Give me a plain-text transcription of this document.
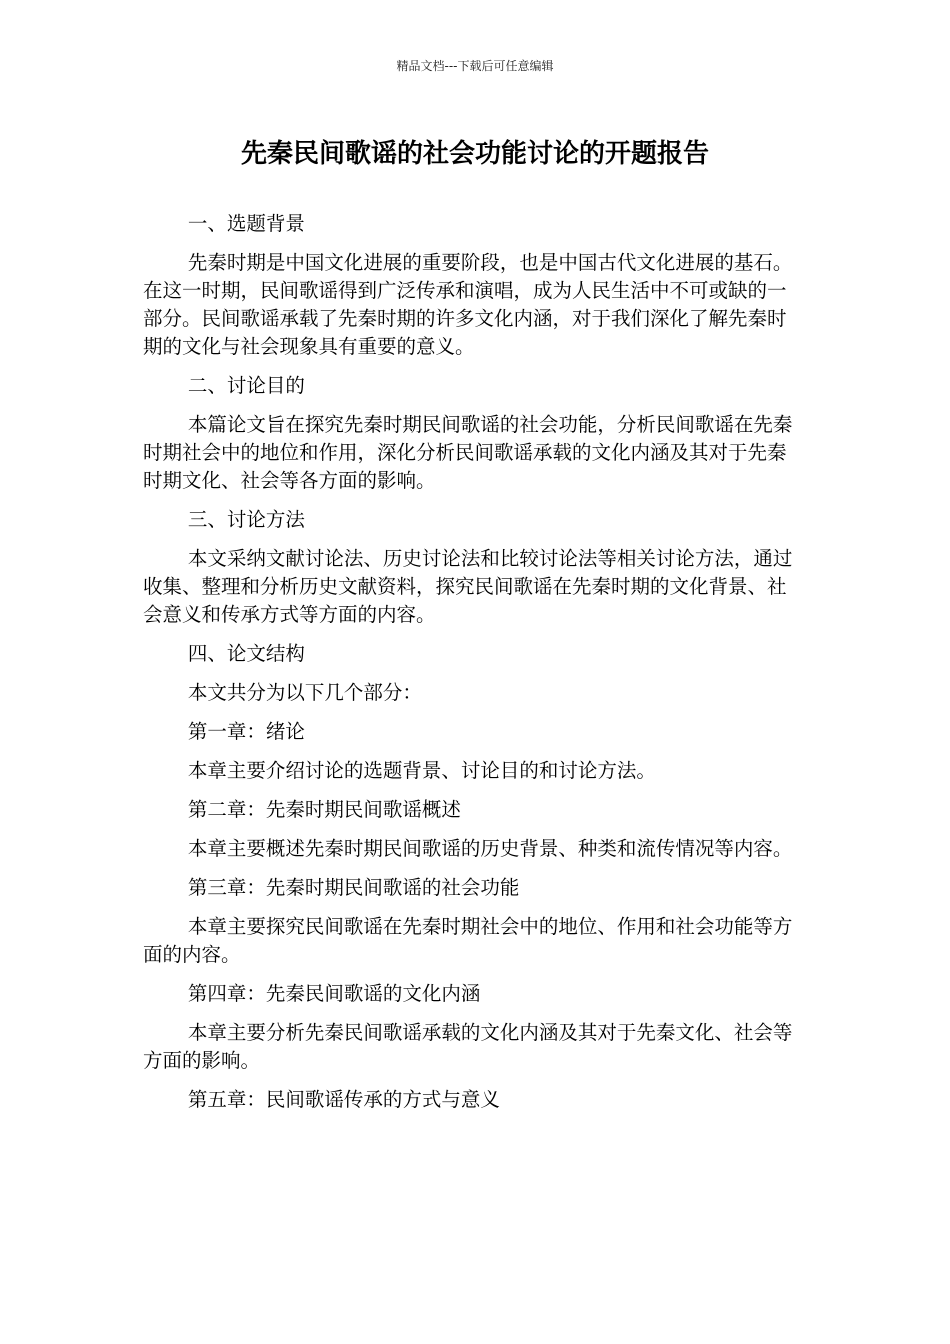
精品文档---下载后可任意编辑
先秦民间歌谣的社会功能讨论的开题报告

一、选题背景

先秦时期是中国文化进展的重要阶段，也是中国古代文化进展的基石。在这一时期，民间歌谣得到广泛传承和演唱，成为人民生活中不可或缺的一部分。民间歌谣承载了先秦时期的许多文化内涵，对于我们深化了解先秦时期的文化与社会现象具有重要的意义。

二、讨论目的

本篇论文旨在探究先秦时期民间歌谣的社会功能，分析民间歌谣在先秦时期社会中的地位和作用，深化分析民间歌谣承载的文化内涵及其对于先秦时期文化、社会等各方面的影响。

三、讨论方法

本文采纳文献讨论法、历史讨论法和比较讨论法等相关讨论方法，通过收集、整理和分析历史文献资料，探究民间歌谣在先秦时期的文化背景、社会意义和传承方式等方面的内容。

四、论文结构

本文共分为以下几个部分：

第一章：绪论

本章主要介绍讨论的选题背景、讨论目的和讨论方法。

第二章：先秦时期民间歌谣概述

本章主要概述先秦时期民间歌谣的历史背景、种类和流传情况等内容。

第三章：先秦时期民间歌谣的社会功能

本章主要探究民间歌谣在先秦时期社会中的地位、作用和社会功能等方面的内容。

第四章：先秦民间歌谣的文化内涵

本章主要分析先秦民间歌谣承载的文化内涵及其对于先秦文化、社会等方面的影响。

第五章：民间歌谣传承的方式与意义
